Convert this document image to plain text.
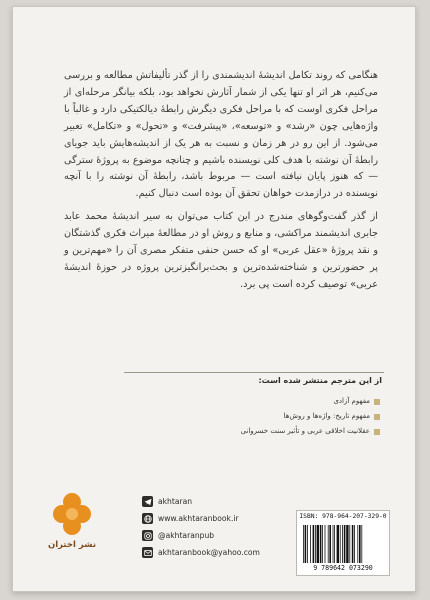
هنگامی که روند تکامل اندیشهٔ اندیشمندی را از گذر تألیفاتش مطالعه و بررسی می‌کنیم، هر اثر او تنها یکی از شمار آثارش نخواهد بود، بلکه بیانگر مرحله‌ای از مراحل فکری اوست که با مراحل فکری دیگرش رابطهٔ دیالکتیکی دارد و غالباً با واژه‌هایی چون «رشد» و «توسعه»، «پیشرفت» و «تحول» و «تکامل» تعبیر می‌شود. از این رو در هر زمان و نسبت به هر یک از اندیشه‌هایش باید جویای رابطهٔ آن نوشته با هدف کلی نویسنده باشیم و چنانچه موضوع به پروژهٔ سترگی — که هنوز پایان نیافته است — مربوط باشد، رابطهٔ آن نوشته را با آنچه نویسنده در درازمدت خواهان تحقق آن بوده است دنبال کنیم.

از گذر گفت‌وگوهای مندرج در این کتاب می‌توان به سیر اندیشهٔ محمد عابد جابری اندیشمند مراکشی، و منابع و روش او در مطالعهٔ میراث فکری گذشتگان و نقد پروژهٔ «عقل عربی» او که حسن حنفی متفکر مصری آن را «مهم‌ترین و پر حضورترین و شناخته‌شده‌ترین و بحث‌برانگیزترین پروژه در حوزهٔ اندیشهٔ عربی» توصیف کرده است پی برد.

از این مترجم منتشر شده است:
مفهوم آزادی
مفهوم تاریخ: واژه‌ها و روش‌ها
عقلانیت اخلاقی عربی و تأثیر سنت خسروانی
نشر اختران
akhtaran
www.akhtaranbook.ir
@akhtaranpub
akhtaranbook@yahoo.com
ISBN: 978-964-207-329-0
9 789642 073290
